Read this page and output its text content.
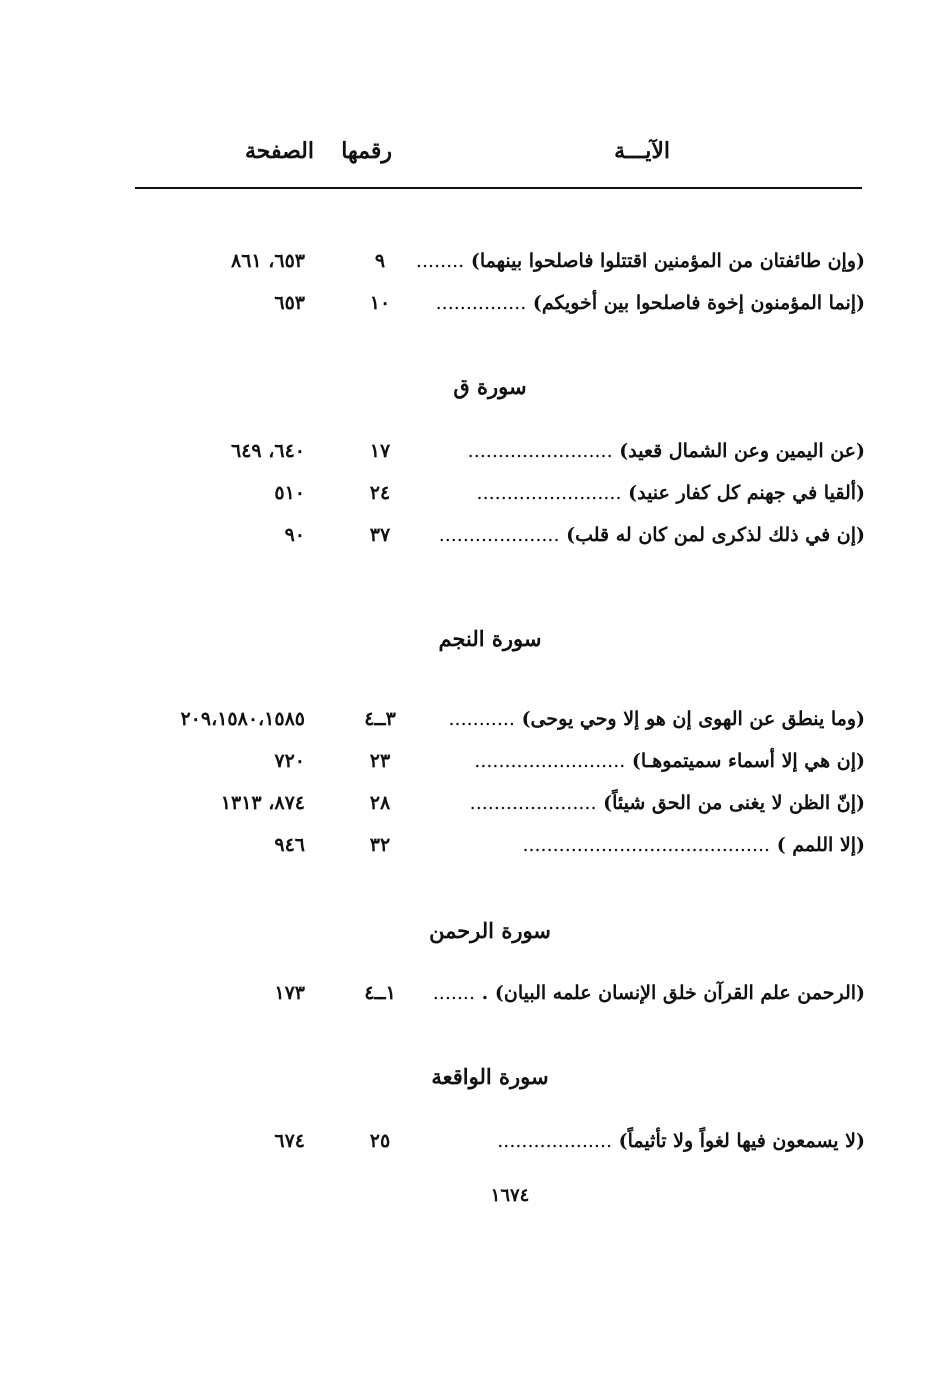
الآيـــة
رقمها
الصفحة
(وإن طائفتان من المؤمنين اقتتلوا فاصلحوا بينهما) ........
٩
٦٥٣، ٨٦١
(إنما المؤمنون إخوة فاصلحوا بين أخويكم) ...............
١٠
٦٥٣
سورة ق
(عن اليمين وعن الشمال قعيد) ........................
١٧
٦٤٠، ٦٤٩
(ألقيا في جهنم كل كفار عنيد) ........................
٢٤
٥١٠
(إن في ذلك لذكرى لمن كان له قلب) ....................
٣٧
٩٠
سورة النجم
(وما ينطق عن الهوى إن هو إلا وحي يوحى) ...........
٣ــ٤
٢٠٩،١٥٨٠،١٥٨٥
(إن هي إلا أسماء سميتموهـا) .........................
٢٣
٧٢٠
(إنّ الظن لا يغنى من الحق شيئاً) .....................
٢٨
٨٧٤، ١٣١٣
(إلا اللمم ) .........................................
٣٢
٩٤٦
سورة الرحمن
(الرحمن علم القرآن خلق الإنسان علمه البيان) . .......
١ــ٤
١٧٣
سورة الواقعة
(لا يسمعون فيها لغواً ولا تأثيماً) ...................
٢٥
٦٧٤
١٦٧٤
